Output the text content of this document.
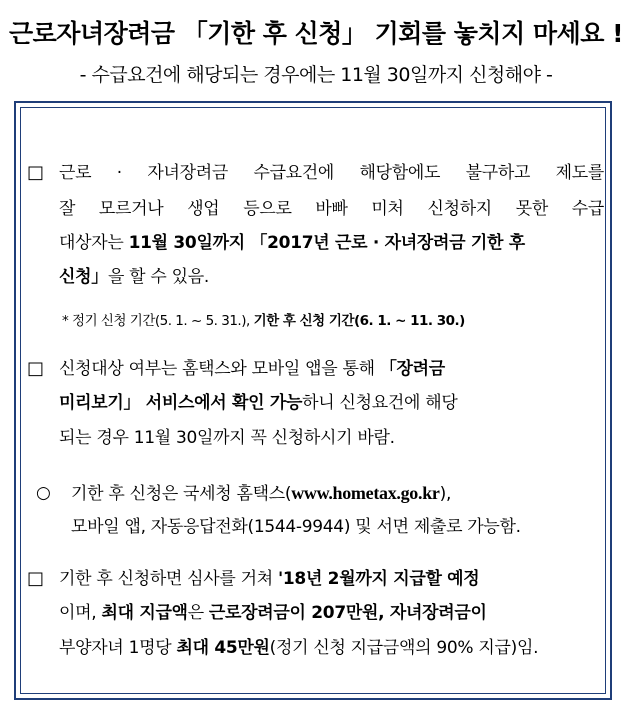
근로자녀장려금 「기한 후 신청」 기회를 놓치지 마세요 !
- 수급요건에 해당되는 경우에는 11월 30일까지 신청해야 -
□ 근로 · 자녀장려금 수급요건에 해당함에도 불구하고 제도를
잘 모르거나 생업 등으로 바빠 미처 신청하지 못한 수급
대상자는 11월 30일까지 「2017년 근로 · 자녀장려금 기한 후
신청」을 할 수 있음.
* 정기 신청 기간(5. 1. ~ 5. 31.), 기한 후 신청 기간(6. 1. ~ 11. 30.)
□ 신청대상 여부는 홈택스와 모바일 앱을 통해 「장려금
미리보기」 서비스에서 확인 가능하니 신청요건에 해당
되는 경우 11월 30일까지 꼭 신청하시기 바람.
○ 기한 후 신청은 국세청 홈택스(www.hometax.go.kr),
모바일 앱, 자동응답전화(1544-9944) 및 서면 제출로 가능함.
□ 기한 후 신청하면 심사를 거쳐 '18년 2월까지 지급할 예정
이며, 최대 지급액은 근로장려금이 207만원, 자녀장려금이
부양자녀 1명당 최대 45만원(정기 신청 지급금액의 90% 지급)임.
